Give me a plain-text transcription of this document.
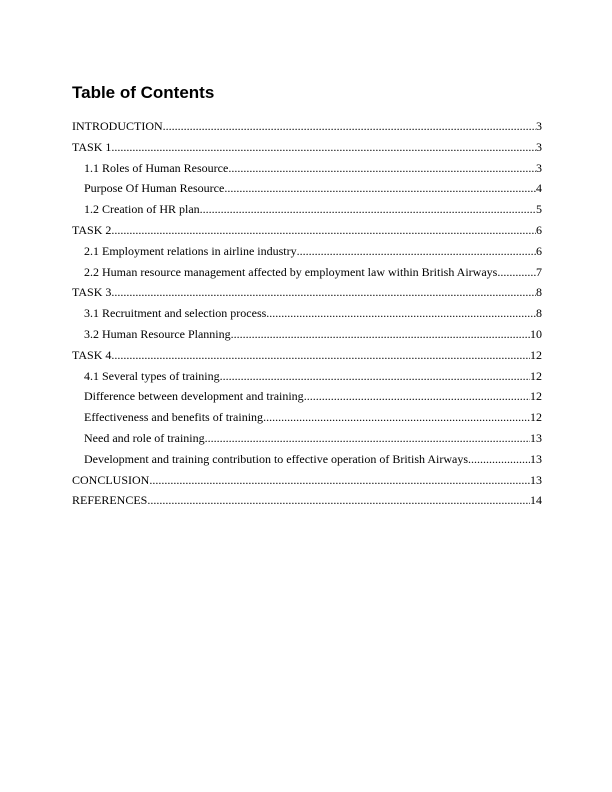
Table of Contents
INTRODUCTION .....	3
TASK 1 .....	3
1.1 Roles of Human Resource .....	3
Purpose Of Human Resource .....	4
1.2 Creation of HR plan .....	5
TASK 2 .....	6
2.1 Employment relations in airline industry .....	6
2.2 Human resource management affected by employment law within British Airways .....	7
TASK 3 .....	8
3.1 Recruitment and selection process .....	8
3.2 Human Resource Planning .....	10
TASK 4 .....	12
4.1 Several types of training .....	12
Difference between development and training .....	12
Effectiveness and benefits of training .....	12
Need and role of training .....	13
Development and training contribution to effective operation of British Airways .....	13
CONCLUSION .....	13
REFERENCES .....	14
